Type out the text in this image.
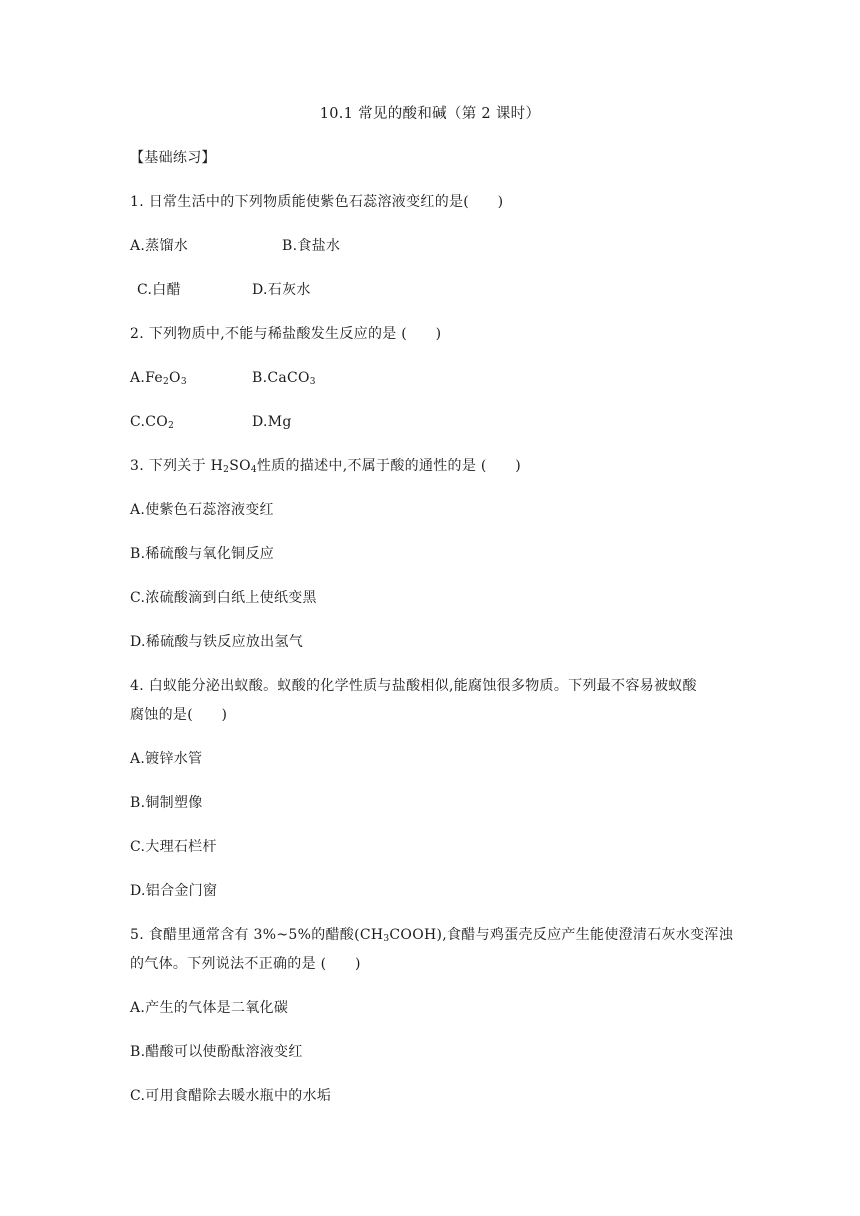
10.1 常见的酸和碱（第 2 课时）
【基础练习】
1. 日常生活中的下列物质能使紫色石蕊溶液变红的是(　　)
A.蒸馏水	B.食盐水
C.白醋	D.石灰水
2. 下列物质中,不能与稀盐酸发生反应的是 (　　)
$A.Fe_2O_3$	B.CaCO$_3$
$C.CO_2$	D.Mg
3. 下列关于 $H_2SO_4$性质的描述中,不属于酸的通性的是 (　　)
A.使紫色石蕊溶液变红
B.稀硫酸与氧化铜反应
C.浓硫酸滴到白纸上使纸变黑
D.稀硫酸与铁反应放出氢气
4. 白蚁能分泌出蚁酸。蚁酸的化学性质与盐酸相似,能腐蚀很多物质。下列最不容易被蚁酸
腐蚀的是(　　)
A.镀锌水管
B.铜制塑像
C.大理石栏杆
D.铝合金门窗
5. 食醋里通常含有 3%~5%的醋酸$(CH_3COOH)$,食醋与鸡蛋壳反应产生能使澄清石灰水变浑浊
的气体。下列说法不正确的是 (　　)
A.产生的气体是二氧化碳
B.醋酸可以使酚酞溶液变红
C.可用食醋除去暖水瓶中的水垢
